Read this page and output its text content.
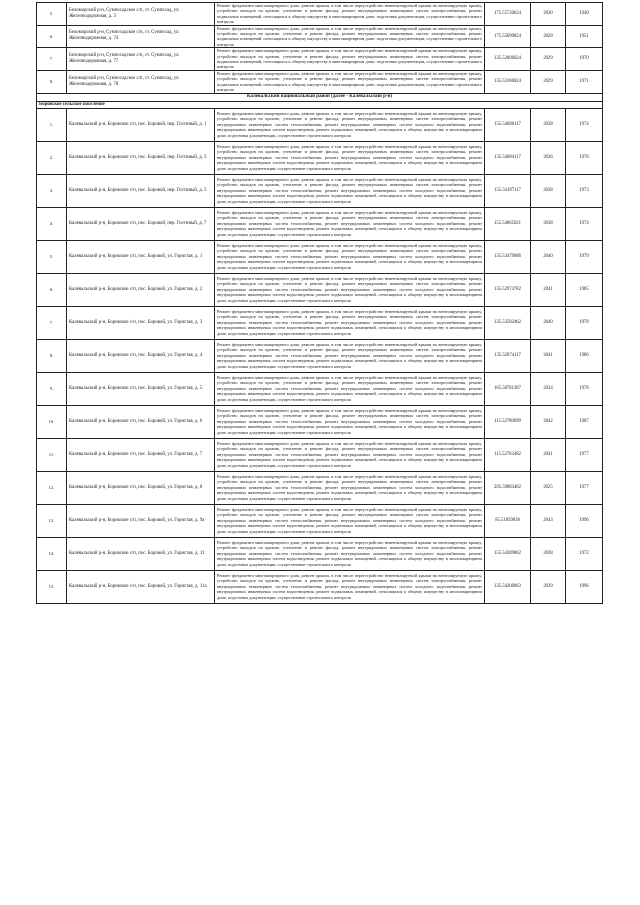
5.	Беломорский р-н, Сумпосадское с/п, ст. Сумпосад, ул. Железнодорожная, д. 3	Ремонт фундамента многоквартирного дома, ремонт крыши, в том числе переустройство невентилируемой крыши на вентилируемую крышу, устройство выходов на кровлю, утепление и ремонт фасада, ремонт внутридомовых инженерных систем электроснабжения, ремонт подвальных помещений, относящихся к общему имуществу в многоквартирном доме, подготовка документации, осуществление строительного контроля	175.55720624	2030	1940
6.	Беломорский р-н, Сумпосадское с/п, ст. Сумпосад, ул. Железнодорожная, д. 74	Ремонт фундамента многоквартирного дома, ремонт крыши, в том числе переустройство невентилируемой крыши на вентилируемую крышу, устройство выходов на кровлю, утепление и ремонт фасада, ремонт внутридомовых инженерных систем электроснабжения, ремонт подвальных помещений, относящихся к общему имуществу в многоквартирном доме, подготовка документации, осуществление строительного контроля	175.55699824	2028	1951
7.	Беломорский р-н, Сумпосадское с/п, ст. Сумпосад, ул. Железнодорожная, д. 77	Ремонт фундамента многоквартирного дома, ремонт крыши, в том числе переустройство невентилируемой крыши на вентилируемую крышу, устройство выходов на кровлю, утепление и ремонт фасада, ремонт внутридомовых инженерных систем электроснабжения, ремонт подвальных помещений, относящихся к общему имуществу в многоквартирном доме, подготовка документации, осуществление строительного контроля	135.52006624	2029	1970
8.	Беломорский р-н, Сумпосадское с/п, ст. Сумпосад, ул. Железнодорожная, д. 78	Ремонт фундамента многоквартирного дома, ремонт крыши, в том числе переустройство невентилируемой крыши на вентилируемую крышу, устройство выходов на кровлю, утепление и ремонт фасада, ремонт внутридомовых инженерных систем электроснабжения, ремонт подвальных помещений, относящихся к общему имуществу в многоквартирном доме, подготовка документации, осуществление строительного контроля	135.53106824	2029	1971
Калевальский национальный район (далее - Калевальский р-н)					
Боровское сельское поселение					
1.	Калевальский р-н, Боровское с/п, пос. Боровой, пер. Гостиный, д. 1	Ремонт фундамента многоквартирного дома, ремонт крыши, в том числе переустройство невентилируемой крыши на вентилируемую крышу, устройство выходов на кровлю, утепление и ремонт фасада, ремонт внутридомовых инженерных систем электроснабжения, ремонт внутридомовых инженерных систем теплоснабжения, ремонт внутридомовых инженерных систем холодного водоснабжения, ремонт внутридомовых инженерных систем водоотведения, ремонт подвальных помещений, относящихся к общему имуществу в многоквартирном доме, подготовка документации, осуществление строительного контроля	155.54086117	2038	1974
2.	Калевальский р-н, Боровское с/п, пос. Боровой, пер. Гостиный, д. 3	Ремонт фундамента многоквартирного дома, ремонт крыши, в том числе переустройство невентилируемой крыши на вентилируемую крышу, устройство выходов на кровлю, утепление и ремонт фасада, ремонт внутридомовых инженерных систем электроснабжения, ремонт внутридомовых инженерных систем теплоснабжения, ремонт внутридомовых инженерных систем холодного водоснабжения, ремонт внутридомовых инженерных систем водоотведения, ремонт подвальных помещений, относящихся к общему имуществу в многоквартирном доме, подготовка документации, осуществление строительного контроля	135.54084117	2036	1976
3.	Калевальский р-н, Боровское с/п, пос. Боровой, пер. Гостиный, д. 5	Ремонт фундамента многоквартирного дома, ремонт крыши, в том числе переустройство невентилируемой крыши на вентилируемую крышу, устройство выходов на кровлю, утепление и ремонт фасада, ремонт внутридомовых инженерных систем электроснабжения, ремонт внутридомовых инженерных систем теплоснабжения, ремонт внутридомовых инженерных систем холодного водоснабжения, ремонт внутридомовых инженерных систем водоотведения, ремонт подвальных помещений, относящихся к общему имуществу в многоквартирном доме, подготовка документации, осуществление строительного контроля	155.54187117	2038	1973
4.	Калевальский р-н, Боровское с/п, пос. Боровой, пер. Гостиный, д. 7	Ремонт фундамента многоквартирного дома, ремонт крыши, в том числе переустройство невентилируемой крыши на вентилируемую крышу, устройство выходов на кровлю, утепление и ремонт фасада, ремонт внутридомовых инженерных систем электроснабжения, ремонт внутридомовых инженерных систем теплоснабжения, ремонт внутридомовых инженерных систем холодного водоснабжения, ремонт внутридомовых инженерных систем водоотведения, ремонт подвальных помещений, относящихся к общему имуществу в многоквартирном доме, подготовка документации, осуществление строительного контроля	155.54065021	2038	1974
5.	Калевальский р-н, Боровское с/п, пос. Боровой, ул. Гористая, д. 1	Ремонт фундамента многоквартирного дома, ремонт крыши, в том числе переустройство невентилируемой крыши на вентилируемую крышу, устройство выходов на кровлю, утепление и ремонт фасада, ремонт внутридомовых инженерных систем электроснабжения, ремонт внутридомовых инженерных систем теплоснабжения, ремонт внутридомовых инженерных систем холодного водоснабжения, ремонт внутридомовых инженерных систем водоотведения, ремонт подвальных помещений, относящихся к общему имуществу в многоквартирном доме, подготовка документации, осуществление строительного контроля	135.53479686	2040	1979
6.	Калевальский р-н, Боровское с/п, пос. Боровой, ул. Гористая, д. 2	Ремонт фундамента многоквартирного дома, ремонт крыши, в том числе переустройство невентилируемой крыши на вентилируемую крышу, устройство выходов на кровлю, утепление и ремонт фасада, ремонт внутридомовых инженерных систем электроснабжения, ремонт внутридомовых инженерных систем теплоснабжения, ремонт внутридомовых инженерных систем холодного водоснабжения, ремонт внутридомовых инженерных систем водоотведения, ремонт подвальных помещений, относящихся к общему имуществу в многоквартирном доме, подготовка документации, осуществление строительного контроля	135.52974782	2041	1985
7.	Калевальский р-н, Боровское с/п, пос. Боровой, ул. Гористая, д. 3	Ремонт фундамента многоквартирного дома, ремонт крыши, в том числе переустройство невентилируемой крыши на вентилируемую крышу, устройство выходов на кровлю, утепление и ремонт фасада, ремонт внутридомовых инженерных систем электроснабжения, ремонт внутридомовых инженерных систем теплоснабжения, ремонт внутридомовых инженерных систем холодного водоснабжения, ремонт внутридомовых инженерных систем водоотведения, ремонт подвальных помещений, относящихся к общему имуществу в многоквартирном доме, подготовка документации, осуществление строительного контроля	135.53582462	2040	1978
8.	Калевальский р-н, Боровское с/п, пос. Боровой, ул. Гористая, д. 4	Ремонт фундамента многоквартирного дома, ремонт крыши, в том числе переустройство невентилируемой крыши на вентилируемую крышу, устройство выходов на кровлю, утепление и ремонт фасада, ремонт внутридомовых инженерных систем электроснабжения, ремонт внутридомовых инженерных систем теплоснабжения, ремонт внутридомовых инженерных систем холодного водоснабжения, ремонт внутридомовых инженерных систем водоотведения, ремонт подвальных помещений, относящихся к общему имуществу в многоквартирном доме, подготовка документации, осуществление строительного контроля	135.52874117	2041	1986
9.	Калевальский р-н, Боровское с/п, пос. Боровой, ул. Гористая, д. 5	Ремонт фундамента многоквартирного дома, ремонт крыши, в том числе переустройство невентилируемой крыши на вентилируемую крышу, устройство выходов на кровлю, утепление и ремонт фасада, ремонт внутридомовых инженерных систем электроснабжения, ремонт внутридомовых инженерных систем теплоснабжения, ремонт внутридомовых инженерных систем холодного водоснабжения, ремонт внутридомовых инженерных систем водоотведения, ремонт подвальных помещений, относящихся к общему имуществу в многоквартирном доме, подготовка документации, осуществление строительного контроля	165.58781387	2034	1978
10.	Калевальский р-н, Боровское с/п, пос. Боровой, ул. Гористая, д. 6	Ремонт фундамента многоквартирного дома, ремонт крыши, в том числе переустройство невентилируемой крыши на вентилируемую крышу, устройство выходов на кровлю, утепление и ремонт фасада, ремонт внутридомовых инженерных систем электроснабжения, ремонт внутридомовых инженерных систем теплоснабжения, ремонт внутридомовых инженерных систем холодного водоснабжения, ремонт внутридомовых инженерных систем водоотведения, ремонт подвальных помещений, относящихся к общему имуществу в многоквартирном доме, подготовка документации, осуществление строительного контроля	115.52780099	2042	1987
11.	Калевальский р-н, Боровское с/п, пос. Боровой, ул. Гористая, д. 7	Ремонт фундамента многоквартирного дома, ремонт крыши, в том числе переустройство невентилируемой крыши на вентилируемую крышу, устройство выходов на кровлю, утепление и ремонт фасада, ремонт внутридомовых инженерных систем электроснабжения, ремонт внутридомовых инженерных систем теплоснабжения, ремонт внутридомовых инженерных систем холодного водоснабжения, ремонт внутридомовых инженерных систем водоотведения, ремонт подвальных помещений, относящихся к общему имуществу в многоквартирном доме, подготовка документации, осуществление строительного контроля	115.52763482	2041	1977
12.	Калевальский р-н, Боровское с/п, пос. Боровой, ул. Гористая, д. 8	Ремонт фундамента многоквартирного дома, ремонт крыши, в том числе переустройство невентилируемой крыши на вентилируемую крышу, устройство выходов на кровлю, утепление и ремонт фасада, ремонт внутридомовых инженерных систем электроснабжения, ремонт внутридомовых инженерных систем теплоснабжения, ремонт внутридомовых инженерных систем холодного водоснабжения, ремонт внутридомовых инженерных систем водоотведения, ремонт подвальных помещений, относящихся к общему имуществу в многоквартирном доме, подготовка документации, осуществление строительного контроля	205.59083482	2025	1977
13.	Калевальский р-н, Боровское с/п, пос. Боровой, ул. Гористая, д. 9а	Ремонт фундамента многоквартирного дома, ремонт крыши, в том числе переустройство невентилируемой крыши на вентилируемую крышу, устройство выходов на кровлю, утепление и ремонт фасада, ремонт внутридомовых инженерных систем электроснабжения, ремонт внутридомовых инженерных систем теплоснабжения, ремонт внутридомовых инженерных систем холодного водоснабжения, ремонт внутридомовых инженерных систем водоотведения, ремонт подвальных помещений, относящихся к общему имуществу в многоквартирном доме, подготовка документации, осуществление строительного контроля	85.51859838	2043	1996
14.	Калевальский р-н, Боровское с/п, пос. Боровой, ул. Гористая, д. 11	Ремонт фундамента многоквартирного дома, ремонт крыши, в том числе переустройство невентилируемой крыши на вентилируемую крышу, устройство выходов на кровлю, утепление и ремонт фасада, ремонт внутридомовых инженерных систем электроснабжения, ремонт внутридомовых инженерных систем теплоснабжения, ремонт внутридомовых инженерных систем холодного водоснабжения, ремонт внутридомовых инженерных систем водоотведения, ремонт подвальных помещений, относящихся к общему имуществу в многоквартирном доме, подготовка документации, осуществление строительного контроля	155.54289862	2038	1972
15.	Калевальский р-н, Боровское с/п, пос. Боровой, ул. Гористая, д. 11а	Ремонт фундамента многоквартирного дома, ремонт крыши, в том числе переустройство невентилируемой крыши на вентилируемую крышу, устройство выходов на кровлю, утепление и ремонт фасада, ремонт внутридомовых инженерных систем электроснабжения, ремонт внутридомовых инженерных систем теплоснабжения, ремонт внутридомовых инженерных систем холодного водоснабжения, ремонт внутридомовых инженерных систем водоотведения, ремонт подвальных помещений, относящихся к общему имуществу в многоквартирном доме, подготовка документации, осуществление строительного контроля	135.54260063	2039	1996
